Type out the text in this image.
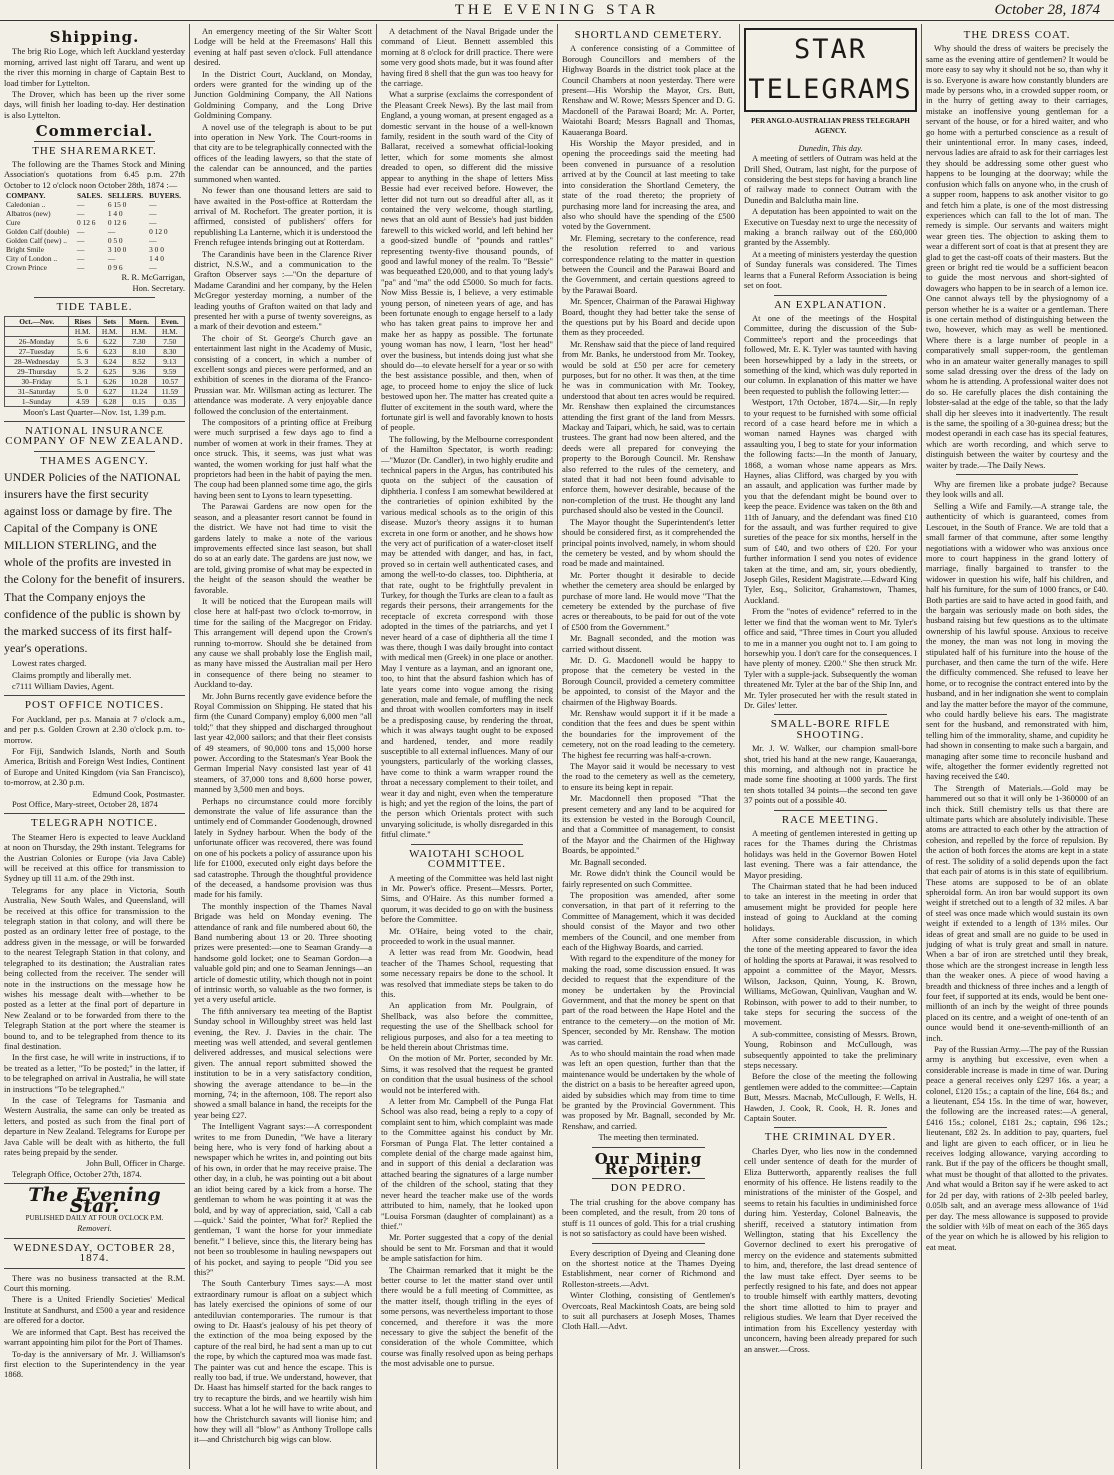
THE EVENING STAR	October 28, 1874
Shipping.

The brig Rio Loge, which left Auckland yesterday morning, arrived last night off Tararu, and went up the river this morning in charge of Captain Best to load timber for Lyttelton.

The Drover, which has been up the river some days, will finish her loading to-day. Her destination is also Lyttelton.

Commercial.
THE SHAREMARKET.

The following are the Thames Stock and Mining Association's quotations from 6.45 p.m. 27th October to 12 o'clock noon October 28th, 1874 :—

COMPANY.	SALES.	SELLERS.	BUYERS.
Caledonian ..	—	6 15 0	—
Albatros (new)	—	1 4 0	—
Cure	0 12 6	0 12 6	—
Golden Calf (double)	—	—	0 12 0
Golden Calf (new) ..	—	0 5 0	—
Bright Smile	—	3 10 0	3 0 0
City of London ..	—	—	1 4 0
Crown Prince	—	0 9 6	—
R. R. McGarrigan,
Hon. Secretary.
TIDE TABLE.
Oct.—Nov.	Rises	Sets	Morn.	Even.
	H.M.	H.M.	H.M.	H.M.
26–Monday	5. 6	6.22	7.30	7.50
27–Tuesday	5. 6	6.23	8.10	8.30
28–Wednesday	5. 3	6.24	8.52	9.13
29–Thursday	5. 2	6.25	9.36	9.59
30–Friday	5. 1	6.26	10.28	10.57
31–Saturday	5. 0	6.27	11.24	11.59
1–Sunday	4.59	6.28	0.15	0.35

Moon's Last Quarter—Nov. 1st, 1.39 p.m.

NATIONAL INSURANCE COMPANY OF NEW ZEALAND.
THAMES AGENCY.

UNDER Policies of the NATIONAL insurers have the first security against loss or damage by fire. The Capital of the Company is ONE MILLION STERLING, and the whole of the profits are invested in the Colony for the benefit of insurers.

That the Company enjoys the confidence of the public is shown by the marked success of its first half-year's operations.

Lowest rates charged.

Claims promptly and liberally met.

c7111 William Davies, Agent.

POST OFFICE NOTICES.

For Auckland, per p.s. Manaia at 7 o'clock a.m., and per p.s. Golden Crown at 2.30 o'clock p.m. to-morrow.

For Fiji, Sandwich Islands, North and South America, British and Foreign West Indies, Continent of Europe and United Kingdom (via San Francisco), to-morrow, at 2.30 p.m.

Edmund Cook, Postmaster.

Post Office, Mary-street, October 28, 1874

TELEGRAPH NOTICE.

The Steamer Hero is expected to leave Auckland at noon on Thursday, the 29th instant. Telegrams for the Austrian Colonies or Europe (via Java Cable) will be received at this office for transmission to Sydney up till 11 a.m. of the 29th inst.

Telegrams for any place in Victoria, South Australia, New South Wales, and Queensland, will be received at this office for transmission to the telegraph station in that colony, and will there be posted as an ordinary letter free of postage, to the address given in the message, or will be forwarded to the nearest Telegraph Station in that colony, and telegraphed to its destination; the Australian rates being collected from the receiver. The sender will note in the instructions on the message how he wishes his message dealt with—whether to be posted as a letter at the final port of departure in New Zealand or to be forwarded from there to the Telegraph Station at the port where the steamer is bound to, and to be telegraphed from thence to its final destination.

In the first case, he will write in instructions, if to be treated as a letter, "To be posted;" in the latter, if to be telegraphed on arrival in Australia, he will state in instructions "To be telegraphed."

In the case of Telegrams for Tasmania and Western Australia, the same can only be treated as letters, and posted as such from the final port of departure in New Zealand. Telegrams for Europe per Java Cable will be dealt with as hitherto, the full rates being prepaid by the sender.

John Bull, Officer in Charge.

Telegraph Office, October 27th, 1874.

The Evening Star.
PUBLISHED DAILY AT FOUR O'CLOCK P.M.
Removeri.
WEDNESDAY, OCTOBER 28, 1874.

There was no business transacted at the R.M. Court this morning.

There is a United Friendly Societies' Medical Institute at Sandhurst, and £500 a year and residence are offered for a doctor.

We are informed that Capt. Best has received the warrant appointing him pilot for the Port of Thames.

To-day is the anniversary of Mr. J. Williamson's first election to the Superintendency in the year 1868.

An emergency meeting of the Sir Walter Scott Lodge will be held at the Freemasons' Hall this evening at half past seven o'clock. Full attendance desired.

In the District Court, Auckland, on Monday, orders were granted for the winding up of the Junction Goldmining Company, the All Nations Goldmining Company, and the Long Drive Goldmining Company.

A novel use of the telegraph is about to be put into operation in New York. The Court-rooms in that city are to be telegraphically connected with the offices of the leading lawyers, so that the state of the calendar can be announced, and the parties summoned when wanted.

No fewer than one thousand letters are said to have awaited in the Post-office at Rotterdam the arrival of M. Rochefort. The greater portion, it is affirmed, consisted of publishers' offers for republishing La Lanterne, which it is understood the French refugee intends bringing out at Rotterdam.

The Carandinis have been in the Clarence River district, N.S.W., and a communication to the Grafton Observer says :—"On the departure of Madame Carandini and her company, by the Helen McGregor yesterday morning, a number of the leading youths of Grafton waited on that lady and presented her with a purse of twenty sovereigns, as a mark of their devotion and esteem."

The choir of St. George's Church gave an entertainment last night in the Academy of Music, consisting of a concert, in which a number of excellent songs and pieces were performed, and an exhibition of scenes in the diorama of the Franco-Prussian war. Mr. Willsman acting as lecturer. The attendance was moderate. A very enjoyable dance followed the conclusion of the entertainment.

The compositors of a printing office at Freiburg were much surprised a few days ago to find a number of women at work in their frames. They at once struck. This, it seems, was just what was wanted, the women working for just half what the proprietors had been in the habit of paying the men. The coup had been planned some time ago, the girls having been sent to Lyons to learn typesetting.

The Parawai Gardens are now open for the season, and a pleasanter resort cannot be found in the district. We have not had time to visit the gardens lately to make a note of the various improvements effected since last season, but shall do so at an early date. The gardens are just now, we are told, giving promise of what may be expected in the height of the season should the weather be favorable.

It will be noticed that the European mails will close here at half-past two o'clock to-morrow, in time for the sailing of the Macgregor on Friday. This arrangement will depend upon the Crown's running to-morrow. Should she be detained from any cause we shall probably lose the English mail, as many have missed the Australian mail per Hero in consequence of there being no steamer to Auckland to-day.

Mr. John Burns recently gave evidence before the Royal Commission on Shipping. He stated that his firm (the Cunard Company) employ 6,000 men "all told;" that they shipped and discharged throughout last year 42,000 sailors; and that their fleet consists of 49 steamers, of 90,000 tons and 15,000 horse power. According to the Statesman's Year Book the German Imperial Navy consisted last year of 41 steamers, of 37,000 tons and 8,600 horse power, manned by 3,500 men and boys.

Perhaps no circumstance could more forcibly demonstrate the value of life assurance than the untimely end of Commander Goodenough, drowned lately in Sydney harbour. When the body of the unfortunate officer was recovered, there was found on one of his pockets a policy of assurance upon his life for £1000, executed only eight days before the sad catastrophe. Through the thoughtful providence of the deceased, a handsome provision was thus made for his family.

The monthly inspection of the Thames Naval Brigade was held on Monday evening. The attendance of rank and file numbered about 60, the Band numbering about 13 or 20. Three shooting prizes were presented:—one to Seaman Grandy—a handsome gold locket; one to Seaman Gordon—a valuable gold pin; and one to Seaman Jennings—an article of domestic utility, which though not in point of intrinsic worth, so valuable as the two former, is yet a very useful article.

The fifth anniversary tea meeting of the Baptist Sunday school in Willoughby street was held last evening, the Rev. J. Davies in the chair. The meeting was well attended, and several gentlemen delivered addresses, and musical selections were given. The annual report submitted showed the institution to be in a very satisfactory condition, showing the average attendance to be—in the morning, 74; in the afternoon, 108. The report also showed a small balance in hand, the receipts for the year being £27.

The Intelligent Vagrant says:—A correspondent writes to me from Dunedin, "We have a literary being here, who is very fond of harking about a newspaper which he writes in, and pointing out bits of his own, in order that he may receive praise. The other day, in a club, he was pointing out a bit about an idiot being cared by a kick from a horse. The gentleman to whom he was pointing it at was the bold, and by way of appreciation, said, 'Call a cab—quick.' Said the pointer, 'What for?' Replied the gentleman, 'I want the horse for your immediate benefit.'" I believe, since this, the literary being has not been so troublesome in hauling newspapers out of his pocket, and saying to people "Did you see this?"

The South Canterbury Times says:—A most extraordinary rumour is afloat on a subject which has lately exercised the opinions of some of our antediluvian contemporaries. The rumour is that owing to Dr. Haast's jealousy of his pet theory of the extinction of the moa being exposed by the capture of the real bird, he had sent a man up to cut the rope, by which the captured moa was made fast. The painter was cut and hence the escape. This is really too bad, if true. We understand, however, that Dr. Haast has himself started for the back ranges to try to recapture the birds, and we heartily wish him success. What a lot he will have to write about, and how the Christchurch savants will lionise him; and how they will all "blow" as Anthony Trollope calls it—and Christchurch big wigs can blow.

A detachment of the Naval Brigade under the command of Lieut. Bennett assembled this morning at 8 o'clock for drill practice. There were some very good shots made, but it was found after having fired 8 shell that the gun was too heavy for the carriage.

What a surprise (exclaims the correspondent of the Pleasant Creek News). By the last mail from England, a young woman, at present engaged as a domestic servant in the house of a well-known family, resident in the south ward of the City of Ballarat, received a somewhat official-looking letter, which for some moments she almost dreaded to open, so different did the missive appear to anything in the shape of letters Miss Bessie had ever received before. However, the letter did not turn out so dreadful after all, as it contained the very welcome, though startling, news that an old aunt of Bessie's had just bidden farewell to this wicked world, and left behind her a good-sized bundle of "pounds and rattles" representing twenty-five thousand pounds, of good and lawful money of the realm. To "Bessie" was bequeathed £20,000, and to that young lady's "pa" and "ma" the odd £5000. So much for facts. Now Miss Bessie is, I believe, a very estimable young person, of nineteen years of age, and has been fortunate enough to engage herself to a lady who has taken great pains to improve her and make her as happy as possible. The fortunate young woman has now, I learn, "lost her head" over the business, but intends doing just what she should do—to elevate herself for a year or so with the best assistance possible, and then, when of age, to proceed home to enjoy the slice of luck bestowed upon her. The matter has created quite a flutter of excitement in the south ward, where the fortunate girl is well and favorably known to hosts of people.

The following, by the Melbourne correspondent of the Hamilton Spectator, is worth reading:—"Muzor (Dr. Candler), in two highly erudite and technical papers in the Argus, has contributed his quota on the subject of the causation of diphtheria. I confess I am somewhat bewildered at the contrarieties of opinion exhibited by the various medical schools as to the origin of this disease. Muzor's theory assigns it to human excreta in one form or another, and he shows how the very act of purification of a water-closet itself may be attended with danger, and has, in fact, proved so in certain well authenticated cases, and among the well-to-do classes, too. Diphtheria, at that rate, ought to be frightfully prevalent in Turkey, for though the Turks are clean to a fault as regards their persons, their arrangements for the receptacle of excreta correspond with those adopted in the times of the patriarchs, and yet I never heard of a case of diphtheria all the time I was there, though I was daily brought into contact with medical men (Greek) in one place or another. May I venture as a layman, and an ignorant one, too, to hint that the absurd fashion which has of late years come into vogue among the rising generation, male and female, of muffling the neck and throat with woollen comforters may in itself be a predisposing cause, by rendering the throat, which it was always taught ought to be exposed and hardened, tender, and more readily susceptible to all external influences. Many of our youngsters, particularly of the working classes, have come to think a warm wrapper round the throat a necessary complement to their toilet, and wear it day and night, even when the temperature is high; and yet the region of the loins, the part of the person which Orientals protect with such unvarying solicitude, is wholly disregarded in this fitful climate."

WAIOTAHI SCHOOL COMMITTEE.

A meeting of the Committee was held last night in Mr. Power's office. Present—Messrs. Porter, Sims, and O'Haire. As this number formed a quorum, it was decided to go on with the business before the Committee.

Mr. O'Haire, being voted to the chair, proceeded to work in the usual manner.

A letter was read from Mr. Goodwin, head teacher of the Thames School, requesting that some necessary repairs be done to the school. It was resolved that immediate steps be taken to do this.

An application from Mr. Poulgrain, of Shellback, was also before the committee, requesting the use of the Shellback school for religious purposes, and also for a tea meeting to be held therein about Christmas time.

On the motion of Mr. Porter, seconded by Mr. Sims, it was resolved that the request be granted on condition that the usual business of the school would not be interfered with.

A letter from Mr. Campbell of the Punga Flat School was also read, being a reply to a copy of complaint sent to him, which complaint was made to the Committee against his conduct by Mr. Forsman of Punga Flat. The letter contained a complete denial of the charge made against him, and in support of this denial a declaration was attached bearing the signatures of a large number of the children of the school, stating that they never heard the teacher make use of the words attributed to him, namely, that he looked upon "Louisa Forsman (daughter of complainant) as a thief."

Mr. Porter suggested that a copy of the denial should be sent to Mr. Forsman and that it would be ample satisfaction for him.

The Chairman remarked that it might be the better course to let the matter stand over until there would be a full meeting of Committee, as the matter itself, though trifling in the eyes of some persons, was nevertheless important to those concerned, and therefore it was the more necessary to give the subject the benefit of the consideration of the whole Committee, which course was finally resolved upon as being perhaps the most advisable one to pursue.

SHORTLAND CEMETERY.

A conference consisting of a Committee of Borough Councillors and members of the Highway Boards in the district took place at the Council Chambers at noon yesterday. There were present—His Worship the Mayor, Crs. Butt, Renshaw and W. Rowe; Messrs Spencer and D. G. Macdonell of the Parawai Board; Mr. A. Porter, Waiotahi Board; Messrs Bagnall and Thomas, Kauaeranga Board.

His Worship the Mayor presided, and in opening the proceedings said the meeting had been convened in pursuance of a resolution arrived at by the Council at last meeting to take into consideration the Shortland Cemetery, the state of the road thereto; the propriety of purchasing more land for increasing the area, and also who should have the spending of the £500 voted by the Government.

Mr. Fleming, secretary to the conference, read the resolution referred to and various correspondence relating to the matter in question between the Council and the Parawai Board and the Government, and certain questions agreed to by the Parawai Board.

Mr. Spencer, Chairman of the Parawai Highway Board, thought they had better take the sense of the questions put by his Board and decide upon them as they proceeded.

Mr. Renshaw said that the piece of land required from Mr. Banks, he understood from Mr. Tookey, would be sold at £50 per acre for cemetery purposes, but for no other. It was then, at the time he was in communication with Mr. Tookey, understood that about ten acres would be required. Mr. Renshaw then explained the circumstances attending the first grant of the land from Messrs. Mackay and Taipari, which, he said, was to certain trustees. The grant had now been altered, and the deeds were all prepared for conveying the property to the Borough Council. Mr. Renshaw also referred to the rules of the cemetery, and stated that it had not been found advisable to enforce them, however desirable, because of the non-completion of the trust. He thought any land purchased should also be vested in the Council.

The Mayor thought the Superintendent's letter should be considered first, as it comprehended the principal points involved, namely, in whom should the cemetery be vested, and by whom should the road be made and maintained.

Mr. Porter thought it desirable to decide whether the cemetery area should be enlarged by purchase of more land. He would move "That the cemetery be extended by the purchase of five acres or thereabouts, to be paid for out of the vote of £500 from the Government."

Mr. Bagnall seconded, and the motion was carried without dissent.

Mr. D. G. Macdonell would be happy to propose that the cemetery be vested in the Borough Council, provided a cemetery committee be appointed, to consist of the Mayor and the chairmen of the Highway Boards.

Mr. Renshaw would support it if it be made a condition that the fees and dues be spent within the boundaries for the improvement of the cemetery, not on the road leading to the cemetery. The highest fee recurring was half-a-crown.

The Mayor said it would be necessary to vest the road to the cemetery as well as the cemetery, to ensure its being kept in repair.

Mr. Macdonnell then proposed "That the present cemetery and any land to be acquired for its extension be vested in the Borough Council, and that a Committee of management, to consist of the Mayor and the Chairmen of the Highway Boards, be appointed."

Mr. Bagnall seconded.

Mr. Rowe didn't think the Council would be fairly represented on such Committee.

The proposition was amended, after some conversation, in that part of it referring to the Committee of Management, which it was decided should consist of the Mayor and two other members of the Council, and one member from each of the Highway Boards, and carried.

With regard to the expenditure of the money for making the road, some discussion ensued. It was decided to request that the expenditure of the money be undertaken by the Provincial Government, and that the money be spent on that part of the road between the Hape Hotel and the entrance to the cemetery—on the motion of Mr. Spencer, seconded by Mr. Renshaw. The motion was carried.

As to who should maintain the road when made was left an open question, further than that the maintenance would be undertaken by the whole of the district on a basis to be hereafter agreed upon, aided by subsidies which may from time to time be granted by the Provincial Government. This was proposed by Mr. Bagnall, seconded by Mr. Renshaw, and carried.

The meeting then terminated.

Our Mining Reporter.
DON PEDRO.

The trial crushing for the above company has been completed, and the result, from 20 tons of stuff is 11 ounces of gold. This for a trial crushing is not so satisfactory as could have been wished.

Every description of Dyeing and Cleaning done on the shortest notice at the Thames Dyeing Establishment, near corner of Richmond and Rolleston-streets.—Advt.

Winter Clothing, consisting of Gentlemen's Overcoats, Real Mackintosh Coats, are being sold to suit all purchasers at Joseph Moses, Thames Cloth Hall.—Advt.

STAR TELEGRAMS
PER ANGLO-AUSTRALIAN PRESS TELEGRAPH AGENCY.
Dunedin, This day.

A meeting of settlers of Outram was held at the Drill Shed, Outram, last night, for the purpose of considering the best steps for having a branch line of railway made to connect Outram with the Dunedin and Balclutha main line.

A deputation has been appointed to wait on the Executive on Tuesday next to urge the necessity of making a branch railway out of the £60,000 granted by the Assembly.

At a meeting of ministers yesterday the question of Sunday funerals was considered. The Times learns that a Funeral Reform Association is being set on foot.

AN EXPLANATION.

At one of the meetings of the Hospital Committee, during the discussion of the Sub-Committee's report and the proceedings that followed, Mr. E. K. Tyler was taunted with having been horsewhipped by a lady in the streets, or something of the kind, which was duly reported in our column. In explanation of this matter we have been requested to publish the following letter:—

Westport, 17th October, 1874.—Sir,—In reply to your request to be furnished with some official record of a case heard before me in which a woman named Haynes was charged with assaulting you, I beg to state for your information the following facts:—In the month of January, 1868, a woman whose name appears as Mrs. Haynes, alias Clifford, was charged by you with an assault, and application was further made by you that the defendant might be bound over to keep the peace. Evidence was taken on the 8th and 11th of January, and the defendant was fined £10 for the assault, and was further required to give sureties of the peace for six months, herself in the sum of £40, and two others of £20. For your further information I send you notes of evidence taken at the time, and am, sir, yours obediently, Joseph Giles, Resident Magistrate.—Edward King Tyler, Esq., Solicitor, Grahamstown, Thames, Auckland.

From the "notes of evidence" referred to in the letter we find that the woman went to Mr. Tyler's office and said, "Three times in Court you alluded to me in a manner you ought not to. I am going to horsewhip you. I don't care for the consequences. I have plenty of money. £200." She then struck Mr. Tyler with a supple-jack. Subsequently the woman threatened Mr. Tyler at the bar of the Ship Inn, and Mr. Tyler prosecuted her with the result stated in Dr. Giles' letter.

SMALL-BORE RIFLE SHOOTING.

Mr. J. W. Walker, our champion small-bore shot, tried his hand at the new range, Kauaeranga, this morning, and although not in practice he made some fine shooting at 1000 yards. The first ten shots totalled 34 points—the second ten gave 37 points out of a possible 40.

RACE MEETING.

A meeting of gentlemen interested in getting up races for the Thames during the Christmas holidays was held in the Governor Bowen Hotel last evening. There was a fair attendance, the Mayor presiding.

The Chairman stated that he had been induced to take an interest in the meeting in order that amusement might be provided for people here instead of going to Auckland at the coming holidays.

After some considerable discussion, in which the tone of the meeting appeared to favor the idea of holding the sports at Parawai, it was resolved to appoint a committee of the Mayor, Messrs. Wilson, Jackson, Quinn, Young, K. Brown, Williams, McGowan, Quinlivan, Vaughan and W. Robinson, with power to add to their number, to take steps for securing the success of the movement.

A sub-committee, consisting of Messrs. Brown, Young, Robinson and McCullough, was subsequently appointed to take the preliminary steps necessary.

Before the close of the meeting the following gentlemen were added to the committee:—Captain Butt, Messrs. Macnab, McCullough, F. Wells, H. Hawden, J. Cook, R. Cook, H. R. Jones and Captain Souter.

THE CRIMINAL DYER.

Charles Dyer, who lies now in the condemned cell under sentence of death for the murder of Eliza Butterworth, apparently realises the full enormity of his offence. He listens readily to the ministrations of the minister of the Gospel, and seems to retain his faculties in undiminished force during him. Yesterday, Colonel Balneavis, the sheriff, received a statutory intimation from Wellington, stating that his Excellency the Governor declined to exert his prerogative of mercy on the evidence and statements submitted to him, and, therefore, the last dread sentence of the law must take effect. Dyer seems to be perfectly resigned to his fate, and does not appear to trouble himself with earthly matters, devoting the short time allotted to him to prayer and religious studies. We learn that Dyer received the intimation from his Excellency yesterday with unconcern, having been already prepared for such an answer.—Cross.

THE DRESS COAT.

Why should the dress of waiters be precisely the same as the evening attire of gentlemen? It would be more easy to say why it should not be so, than why it is so. Everyone is aware how constantly blunders are made by persons who, in a crowded supper room, or in the hurry of getting away to their carriages, mistake an inoffensive young gentleman for a servant of the house, or for a hired waiter, and who go home with a perturbed conscience as a result of their unintentional error. In many cases, indeed, nervous ladies are afraid to ask for their carriages lest they should be addressing some other guest who happens to be lounging at the doorway; while the confusion which falls on anyone who, in the crush of a supper room, happens to ask another visitor to go and fetch him a plate, is one of the most distressing experiences which can fall to the lot of man. The remedy is simple. Our servants and waiters might wear green ties. The objection to asking them to wear a different sort of coat is that at present they are glad to get the cast-off coats of their masters. But the green or bright red tie would be a sufficient beacon to guide the most nervous and short-sighted of dowagers who happen to be in search of a lemon ice. One cannot always tell by the physiognomy of a person whether he is a waiter or a gentleman. There is one certain method of distinguishing between the two, however, which may as well be mentioned. Where there is a large number of people in a comparatively small supper-room, the gentleman who in an amateur waiter generally manages to spill some salad dressing over the dress of the lady on whom he is attending. A professional waiter does not do so. He carefully places the dish containing the lobster-salad at the edge of the table, so that the lady shall dip her sleeves into it inadvertently. The result is the same, the spoiling of a 30-guinea dress; but the modest operandi in each case has its special features, which are worth recording, and which serve to distinguish between the waiter by courtesy and the waiter by trade.—The Daily News.

Why are firemen like a probate judge? Because they look wills and all.

Selling a Wife and Family.—A strange tale, the authenticity of which is guaranteed, comes from Lescouet, in the South of France. We are told that a small farmer of that commune, after some lengthy negotiations with a widower who was anxious once more to court happiness in the grand lottery of marriage, finally bargained to transfer to the widower in question his wife, half his children, and half his furniture, for the sum of 1000 francs, or £40. Both parties are said to have acted in good faith, and the bargain was seriously made on both sides, the husband raising but few questions as to the ultimate ownership of his lawful spouse. Anxious to receive the money, the man was not long in moving the stipulated half of his furniture into the house of the purchaser, and then came the turn of the wife. Here the difficulty commenced. She refused to leave her home, or to recognise the contract entered into by the husband, and in her indignation she went to complain and lay the matter before the mayor of the commune, who could hardly believe his ears. The magistrate sent for the husband, and remonstrated with him, telling him of the immorality, shame, and cupidity he had shown in consenting to make such a bargain, and managing after some time to reconcile husband and wife, altogether the former evidently regretted not having received the £40.

The Strength of Materials.—Gold may be hammered out so that it will only be 1-360000 of an inch thick. Still chemistry tells us that there are ultimate parts which are absolutely indivisible. These atoms are attracted to each other by the attraction of cohesion, and repelled by the force of repulsion. By the action of both forces the atoms are kept in a state of rest. The solidity of a solid depends upon the fact that each pair of atoms is in this state of equilibrium. These atoms are supposed to be of an oblate spheroidal form. An iron bar would support its own weight if stretched out to a length of 32 miles. A bar of steel was once made which would sustain its own weight if extended to a length of 13⅓ miles. Our ideas of great and small are no guide to be used in judging of what is truly great and small in nature. When a bar of iron are stretched until they break, those which are the strongest increase in length less than the weaker ones. A piece of wood having a breadth and thickness of three inches and a length of four feet, if supported at its ends, would be bent one-millionth of an inch by the weight of three pounds placed on its centre, and a weight of one-tenth of an ounce would bend it one-seventh-millionth of an inch.

Pay of the Russian Army.—The pay of the Russian army is anything but excessive, even when a considerable increase is made in time of war. During peace a general receives only £297 16s. a year; a colonel, £120 15s.; a captain of the line, £64 8s.; and a lieutenant, £54 15s. In the time of war, however, the following are the increased rates:—A general, £416 15s.; colonel, £181 2s.; captain, £96 12s.; lieutenant, £82 2s. In addition to pay, quarters, fuel and light are given to each officer, or in lieu he receives lodging allowance, varying according to rank. But if the pay of the officers be thought small, what must be thought of that allotted to the privates. And what would a Briton say if he were asked to act for 2d per day, with rations of 2-3lb peeled barley, 0.05lb salt, and an average mess allowance of 1¼d per day. The mess allowance is supposed to provide the soldier with ½lb of meat on each of the 365 days of the year on which he is allowed by his religion to eat meat.
